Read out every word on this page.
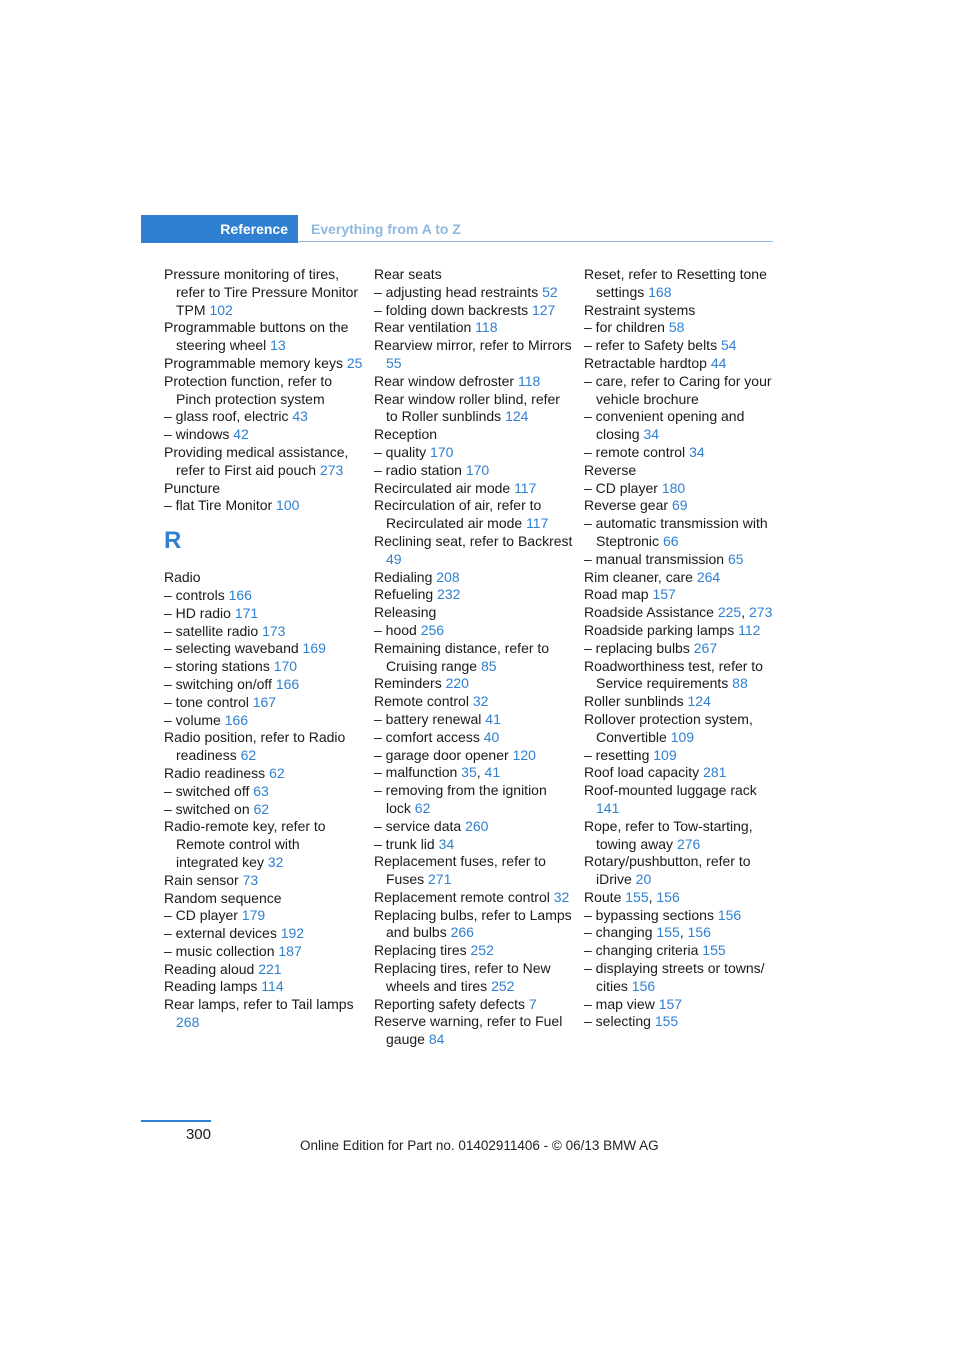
Reference	Everything from A to Z
Pressure monitoring of tires, refer to Tire Pressure Monitor TPM 102
Programmable buttons on the steering wheel 13
Programmable memory keys 25
Protection function, refer to Pinch protection system
– glass roof, electric 43
– windows 42
Providing medical assistance, refer to First aid pouch 273
Puncture
– flat Tire Monitor 100
R
Radio
– controls 166
– HD radio 171
– satellite radio 173
– selecting waveband 169
– storing stations 170
– switching on/off 166
– tone control 167
– volume 166
Radio position, refer to Radio readiness 62
Radio readiness 62
– switched off 63
– switched on 62
Radio-remote key, refer to Remote control with integrated key 32
Rain sensor 73
Random sequence
– CD player 179
– external devices 192
– music collection 187
Reading aloud 221
Reading lamps 114
Rear lamps, refer to Tail lamps 268
Rear seats
– adjusting head restraints 52
– folding down backrests 127
Rear ventilation 118
Rearview mirror, refer to Mirrors 55
Rear window defroster 118
Rear window roller blind, refer to Roller sunblinds 124
Reception
– quality 170
– radio station 170
Recirculated air mode 117
Recirculation of air, refer to Recirculated air mode 117
Reclining seat, refer to Backrest 49
Redialing 208
Refueling 232
Releasing
– hood 256
Remaining distance, refer to Cruising range 85
Reminders 220
Remote control 32
– battery renewal 41
– comfort access 40
– garage door opener 120
– malfunction 35, 41
– removing from the ignition lock 62
– service data 260
– trunk lid 34
Replacement fuses, refer to Fuses 271
Replacement remote control 32
Replacing bulbs, refer to Lamps and bulbs 266
Replacing tires 252
Replacing tires, refer to New wheels and tires 252
Reporting safety defects 7
Reserve warning, refer to Fuel gauge 84
Reset, refer to Resetting tone settings 168
Restraint systems
– for children 58
– refer to Safety belts 54
Retractable hardtop 44
– care, refer to Caring for your vehicle brochure
– convenient opening and closing 34
– remote control 34
Reverse
– CD player 180
Reverse gear 69
– automatic transmission with Steptronic 66
– manual transmission 65
Rim cleaner, care 264
Road map 157
Roadside Assistance 225, 273
Roadside parking lamps 112
– replacing bulbs 267
Roadworthiness test, refer to Service requirements 88
Roller sunblinds 124
Rollover protection system, Convertible 109
– resetting 109
Roof load capacity 281
Roof-mounted luggage rack 141
Rope, refer to Tow-starting, towing away 276
Rotary/pushbutton, refer to iDrive 20
Route 155, 156
– bypassing sections 156
– changing 155, 156
– changing criteria 155
– displaying streets or towns/ cities 156
– map view 157
– selecting 155
300
Online Edition for Part no. 01402911406 - © 06/13 BMW AG
